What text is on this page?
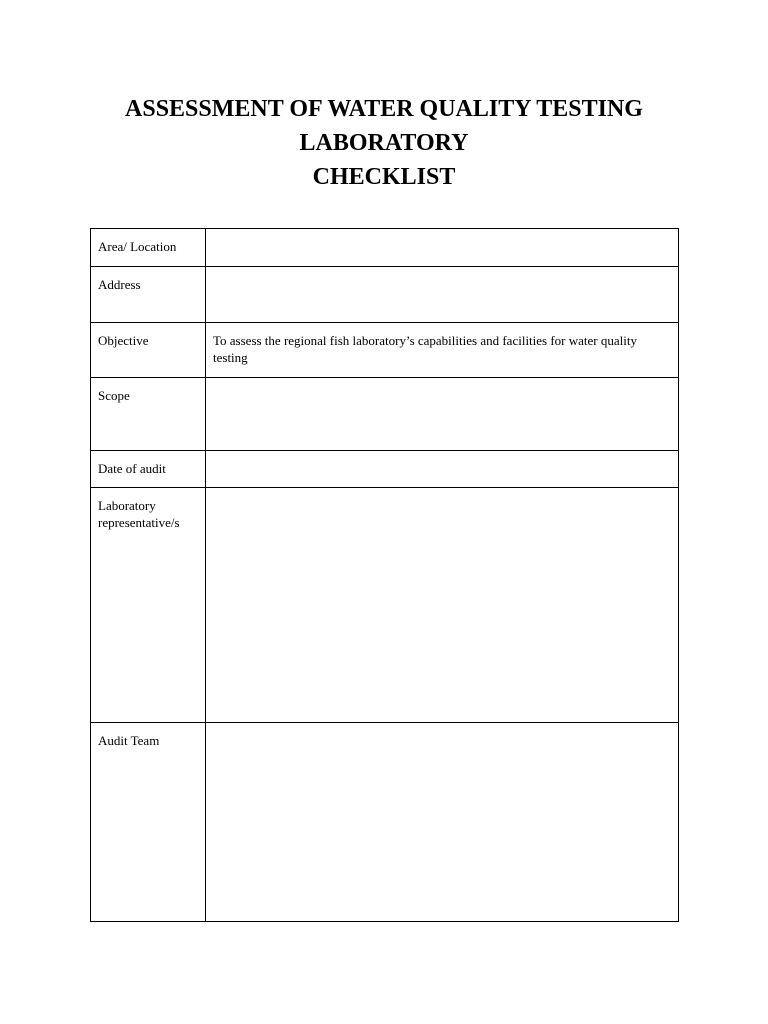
ASSESSMENT OF WATER QUALITY TESTING
LABORATORY
CHECKLIST
Area/ Location	
Address	
Objective	To assess the regional fish laboratory’s capabilities and facilities for water quality testing
Scope	
Date of audit	
Laboratory representative/s	
Audit Team	
